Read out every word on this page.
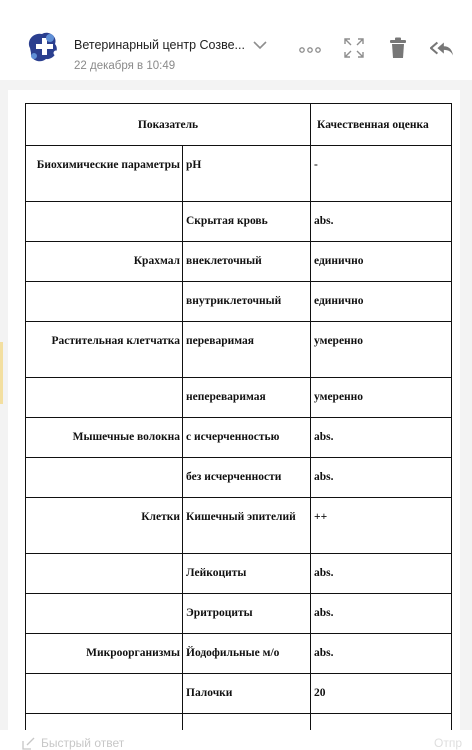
Ветеринарный центр Созве...
22 декабря в 10:49
Показатель		Качественная оценка
Биохимические параметры	pH	-
	Скрытая кровь	abs.
Крахмал	внеклеточный	единично
	внутриклеточный	единично
Растительная клетчатка	переваримая	умеренно
	непереваримая	умеренно
Мышечные волокна	с исчерченностью	abs.
	без исчерченности	abs.
Клетки	Кишечный эпителий	++
	Лейкоциты	abs.
	Эритроциты	abs.
Микроорганизмы	Йодофильные м/о	abs.
	Палочки	20

Быстрый ответ	Отпр
